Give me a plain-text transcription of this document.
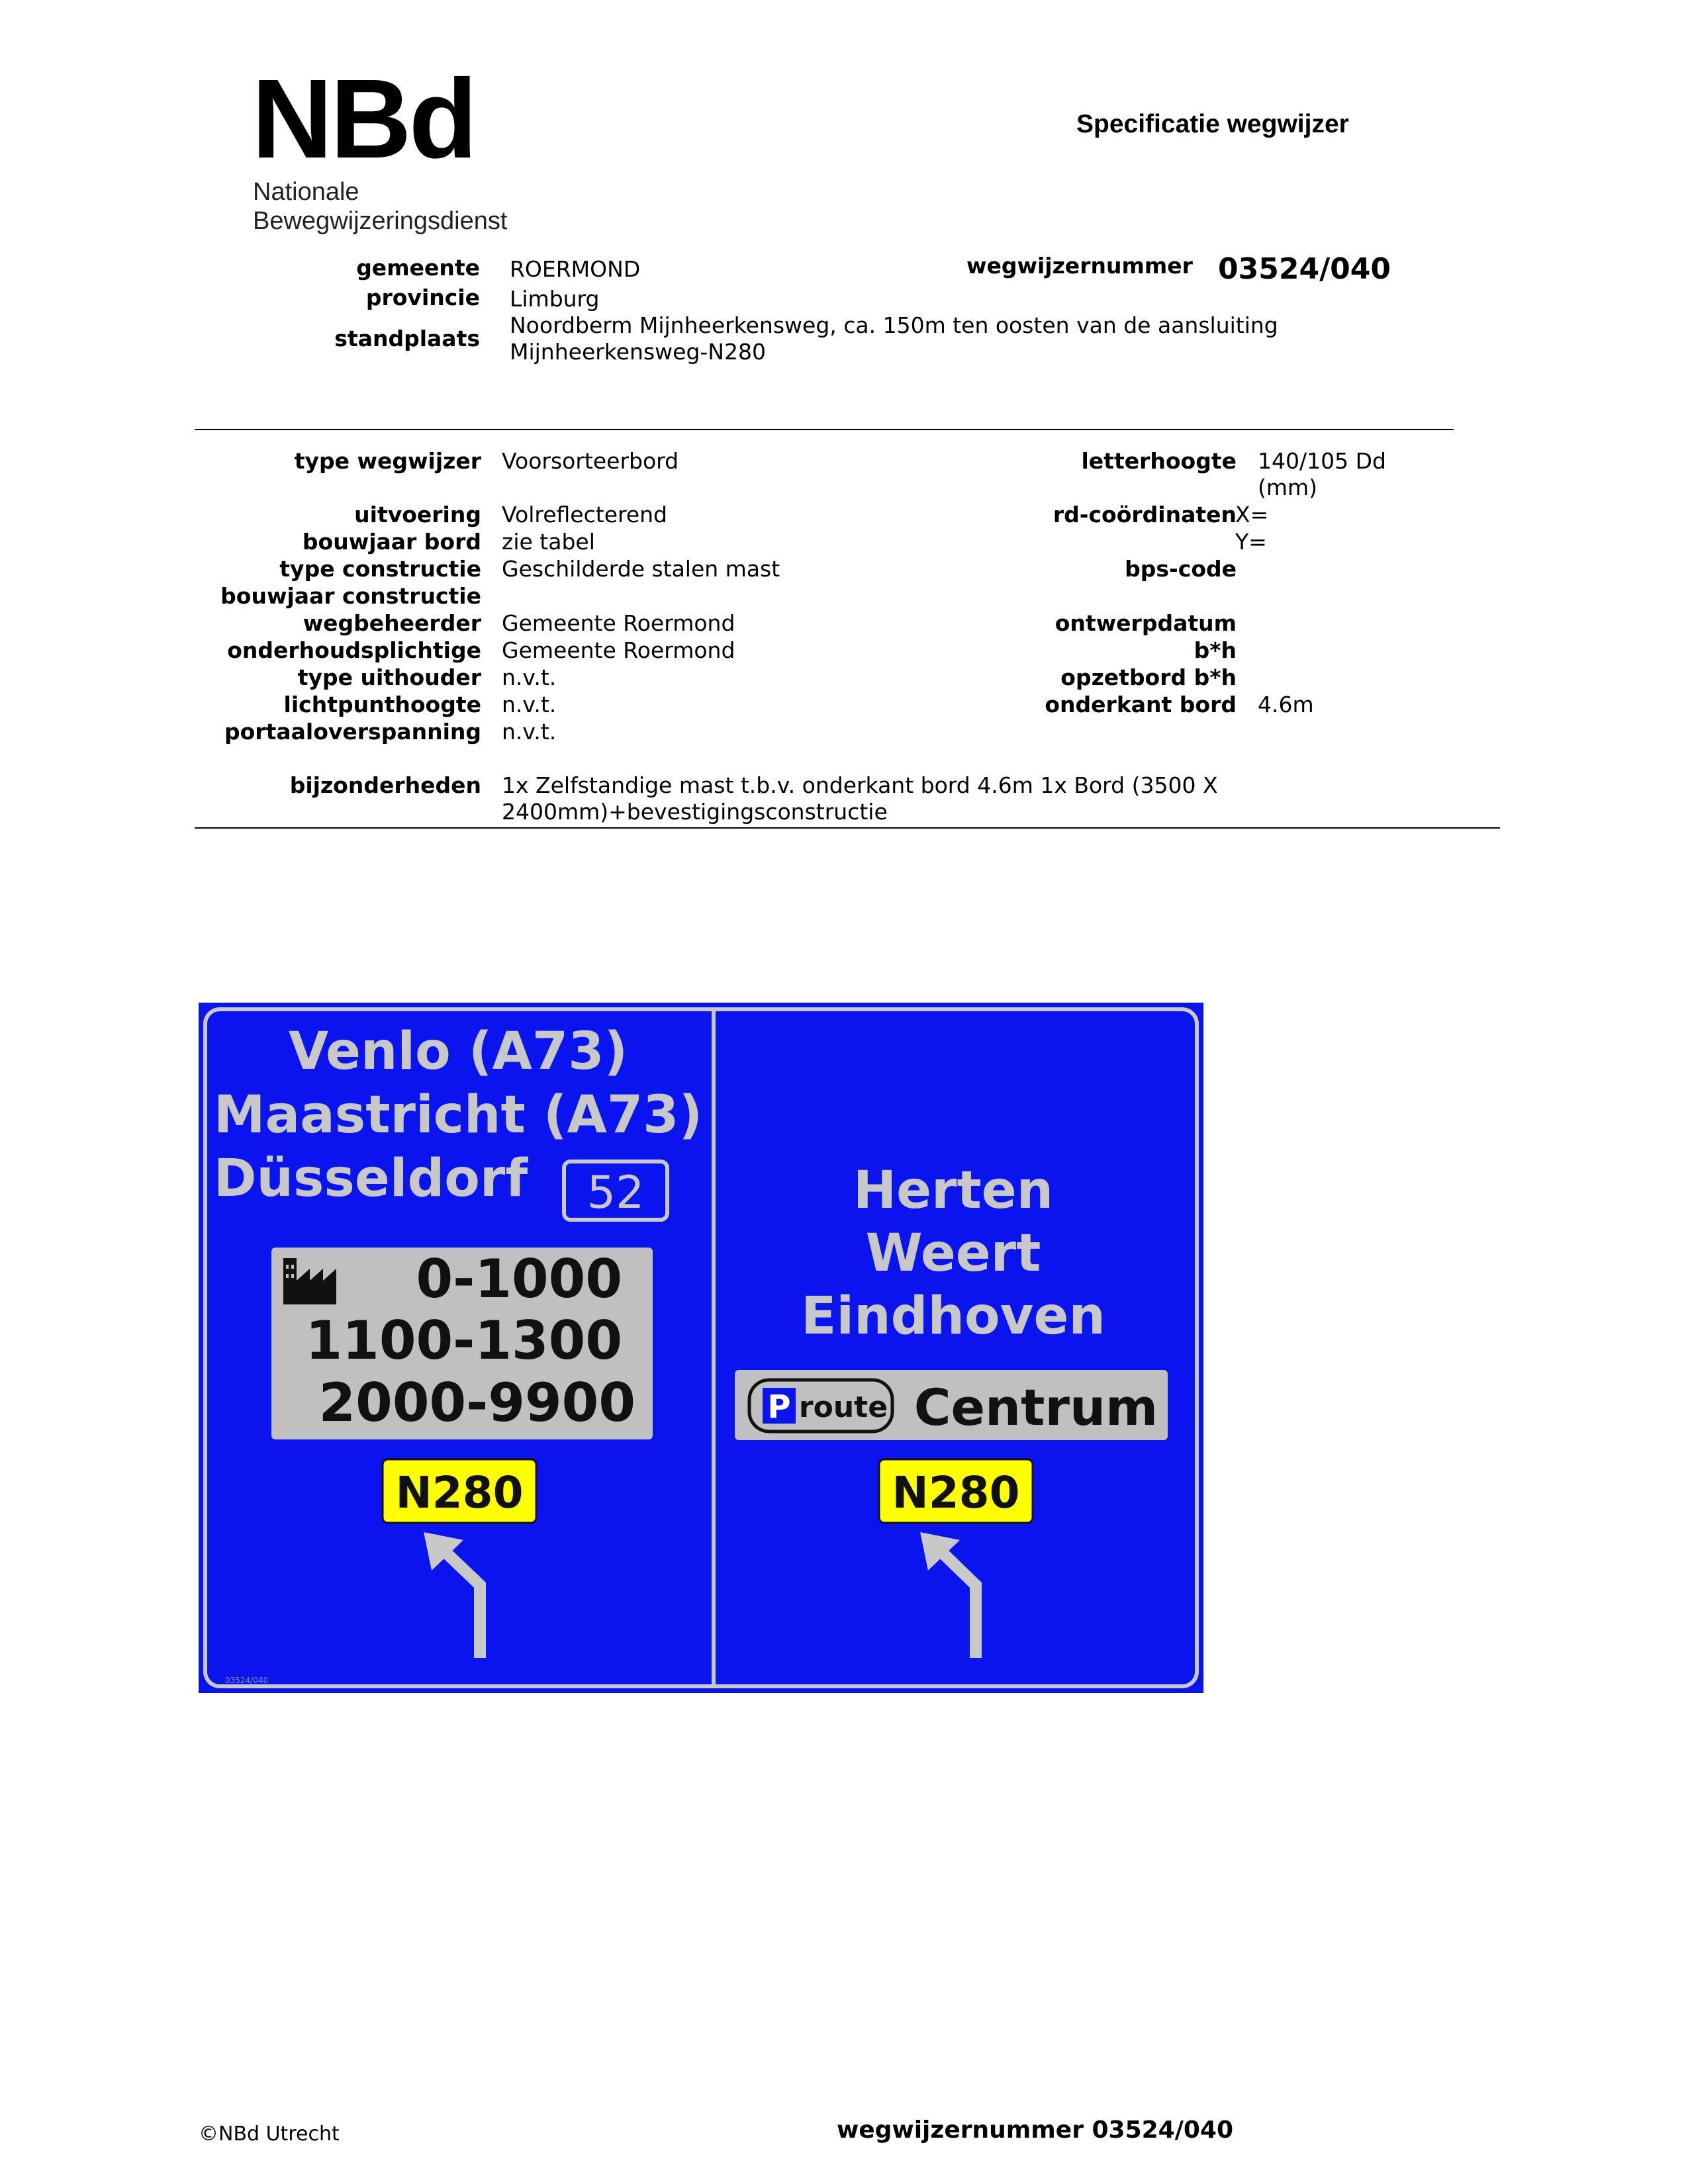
NBd
Nationale
Bewegwijzeringsdienst
Specificatie wegwijzer
gemeente ROERMOND
provincie Limburg
standplaats
Noordberm Mijnheerkensweg, ca. 150m ten oosten van de aansluiting Mijnheerkensweg-N280
wegwijzernummer 03524/040
type wegwijzer Voorsorteerbord
uitvoering Volreflecterend
bouwjaar bord zie tabel
type constructie Geschilderde stalen mast
bouwjaar constructie
wegbeheerder Gemeente Roermond
onderhoudsplichtige Gemeente Roermond
type uithouder n.v.t.
lichtpunthoogte n.v.t.
portaaloverspanning n.v.t.
letterhoogte 140/105 Dd (mm)
rd-coördinaten
X=
Y=
bps-code
ontwerpdatum
b*h
opzetbord b*h
onderkant bord 4.6m
bijzonderheden 1x Zelfstandige mast t.b.v. onderkant bord 4.6m 1x Bord (3500 X 2400mm)+bevestigingsconstructie
Venlo (A73)
Maastricht (A73)
Düsseldorf 52
0-1000
1100-1300
2000-9900
N280
Herten
Weert
Eindhoven
P route Centrum
N280
03524/040
©NBd Utrecht	wegwijzernummer 03524/040
